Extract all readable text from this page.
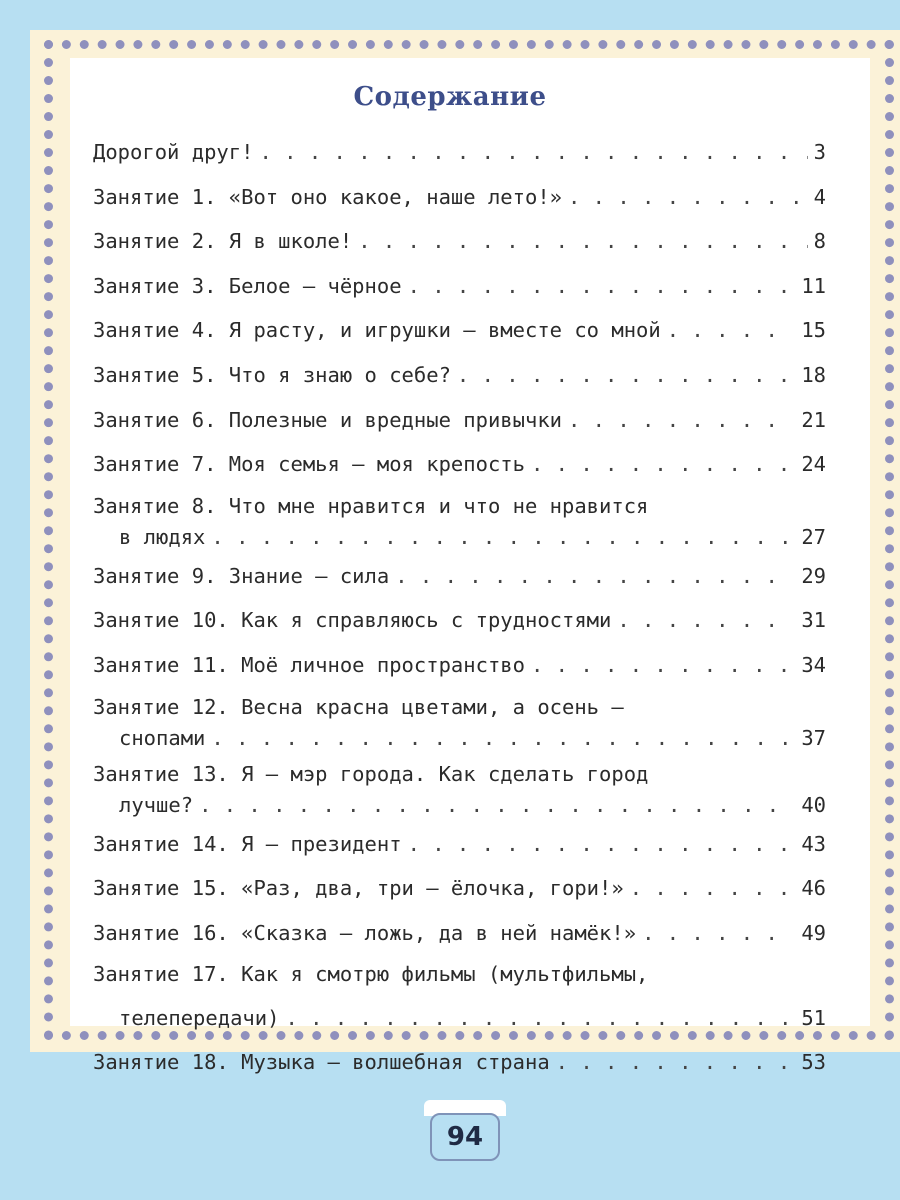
Содержание
Дорогой друг! . . .	3
Занятие 1. «Вот оно какое, наше лето!» . . .	4
Занятие 2. Я в школе! . . .	8
Занятие 3. Белое — чёрное . . .	11
Занятие 4. Я расту, и игрушки — вместе со мной . . .	15
Занятие 5. Что я знаю о себе? . . .	18
Занятие 6. Полезные и вредные привычки . . .	21
Занятие 7. Моя семья — моя крепость . . .	24
Занятие 8. Что мне нравится и что не нравится
в людях . . .	27
Занятие 9. Знание — сила . . .	29
Занятие 10. Как я справляюсь с трудностями . . .	31
Занятие 11. Моё личное пространство . . .	34
Занятие 12. Весна красна цветами, а осень —
снопами . . .	37
Занятие 13. Я — мэр города. Как сделать город
лучше? . . .	40
Занятие 14. Я — президент . . .	43
Занятие 15. «Раз, два, три — ёлочка, гори!» . . .	46
Занятие 16. «Сказка — ложь, да в ней намёк!» . . .	49
Занятие 17. Как я смотрю фильмы (мультфильмы,
телепередачи) . . .	51
Занятие 18. Музыка — волшебная страна . . .	53
94
